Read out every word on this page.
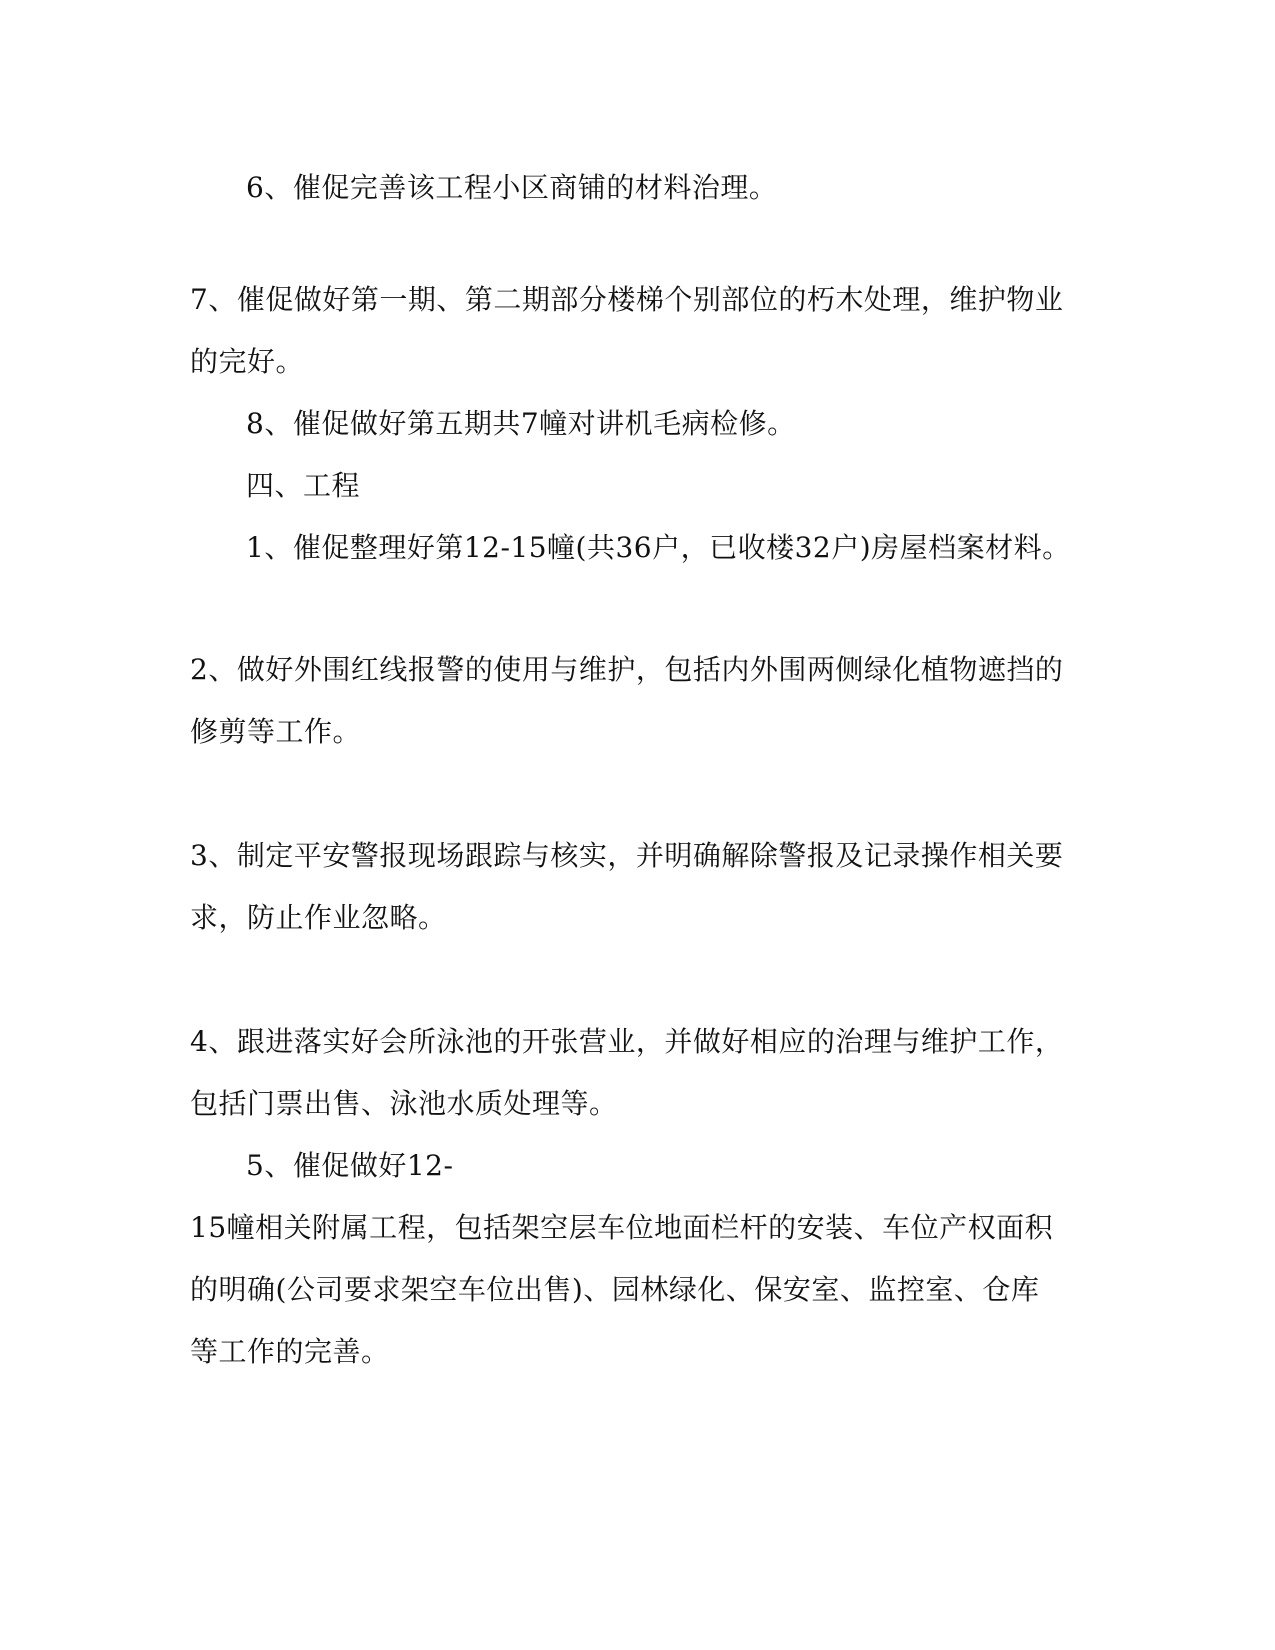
6、催促完善该工程小区商铺的材料治理。
7、催促做好第一期、第二期部分楼梯个别部位的朽木处理，维护物业
的完好。
8、催促做好第五期共7幢对讲机毛病检修。
四、工程
1、催促整理好第12-15幢(共36户，已收楼32户)房屋档案材料。
2、做好外围红线报警的使用与维护，包括内外围两侧绿化植物遮挡的
修剪等工作。
3、制定平安警报现场跟踪与核实，并明确解除警报及记录操作相关要
求，防止作业忽略。
4、跟进落实好会所泳池的开张营业，并做好相应的治理与维护工作，
包括门票出售、泳池水质处理等。
5、催促做好12-
15幢相关附属工程，包括架空层车位地面栏杆的安装、车位产权面积
的明确(公司要求架空车位出售)、园林绿化、保安室、监控室、仓库
等工作的完善。
